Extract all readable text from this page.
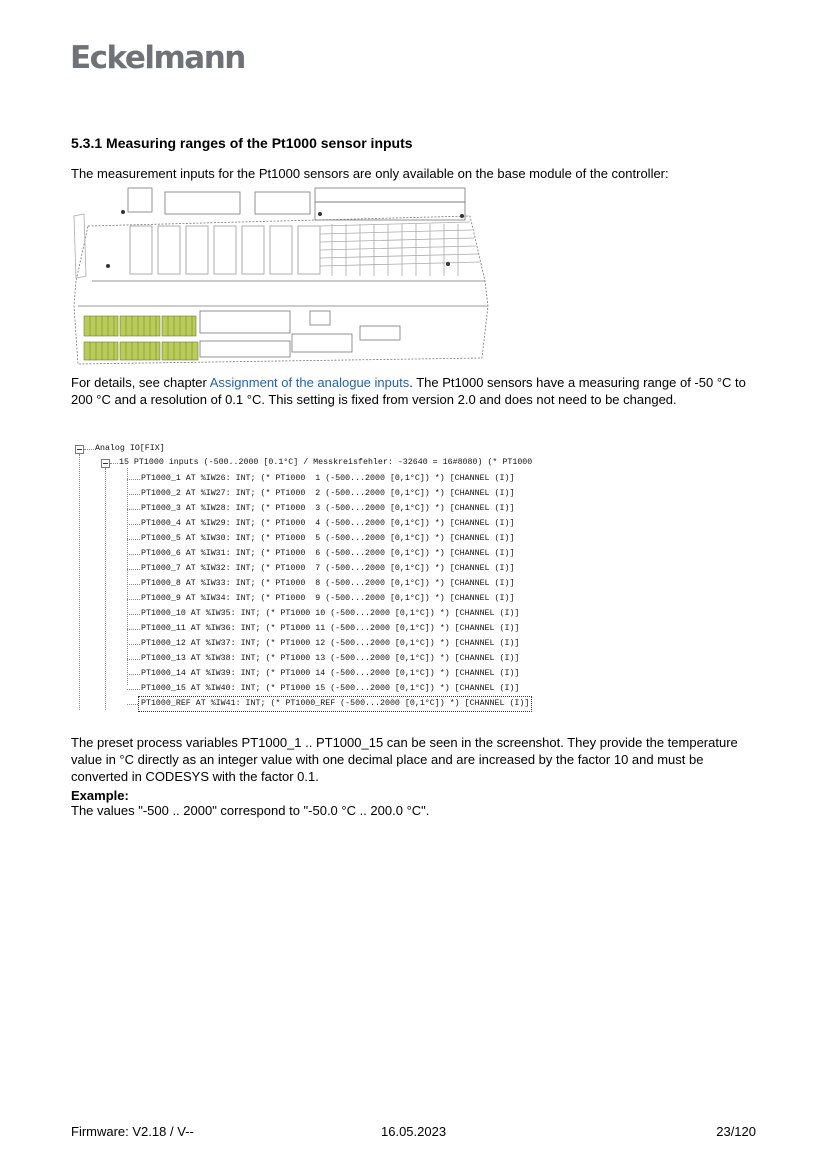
Eckelmann
5.3.1 Measuring ranges of the Pt1000 sensor inputs

The measurement inputs for the Pt1000 sensors are only available on the base module of the controller:

For details, see chapter Assignment of the analogue inputs. The Pt1000 sensors have a measuring range of -50 °C to 200 °C and a resolution of 0.1 °C. This setting is fixed from version 2.0 and does not need to be changed.

Analog IO[FIX]

15 PT1000 inputs (-500..2000 [0.1°C] / Messkreisfehler: -32640 = 16#8080) (* PT1000

PT1000_1 AT %IW26: INT; (* PT1000  1 (-500...2000 [0,1°C]) *) [CHANNEL (I)]

PT1000_2 AT %IW27: INT; (* PT1000  2 (-500...2000 [0,1°C]) *) [CHANNEL (I)]

PT1000_3 AT %IW28: INT; (* PT1000  3 (-500...2000 [0,1°C]) *) [CHANNEL (I)]

PT1000_4 AT %IW29: INT; (* PT1000  4 (-500...2000 [0,1°C]) *) [CHANNEL (I)]

PT1000_5 AT %IW30: INT; (* PT1000  5 (-500...2000 [0,1°C]) *) [CHANNEL (I)]

PT1000_6 AT %IW31: INT; (* PT1000  6 (-500...2000 [0,1°C]) *) [CHANNEL (I)]

PT1000_7 AT %IW32: INT; (* PT1000  7 (-500...2000 [0,1°C]) *) [CHANNEL (I)]

PT1000_8 AT %IW33: INT; (* PT1000  8 (-500...2000 [0,1°C]) *) [CHANNEL (I)]

PT1000_9 AT %IW34: INT; (* PT1000  9 (-500...2000 [0,1°C]) *) [CHANNEL (I)]

PT1000_10 AT %IW35: INT; (* PT1000 10 (-500...2000 [0,1°C]) *) [CHANNEL (I)]

PT1000_11 AT %IW36: INT; (* PT1000 11 (-500...2000 [0,1°C]) *) [CHANNEL (I)]

PT1000_12 AT %IW37: INT; (* PT1000 12 (-500...2000 [0,1°C]) *) [CHANNEL (I)]

PT1000_13 AT %IW38: INT; (* PT1000 13 (-500...2000 [0,1°C]) *) [CHANNEL (I)]

PT1000_14 AT %IW39: INT; (* PT1000 14 (-500...2000 [0,1°C]) *) [CHANNEL (I)]

PT1000_15 AT %IW40: INT; (* PT1000 15 (-500...2000 [0,1°C]) *) [CHANNEL (I)]

PT1000_REF AT %IW41: INT; (* PT1000_REF (-500...2000 [0,1°C]) *) [CHANNEL (I)]

The preset process variables PT1000_1 .. PT1000_15 can be seen in the screenshot. They provide the temperature value in °C directly as an integer value with one decimal place and are increased by the factor 10 and must be converted in CODESYS with the factor 0.1.

Example:
The values "-500 .. 2000" correspond to "-50.0 °C .. 200.0 °C".
Firmware: V2.18 / V--	16.05.2023	23/120
